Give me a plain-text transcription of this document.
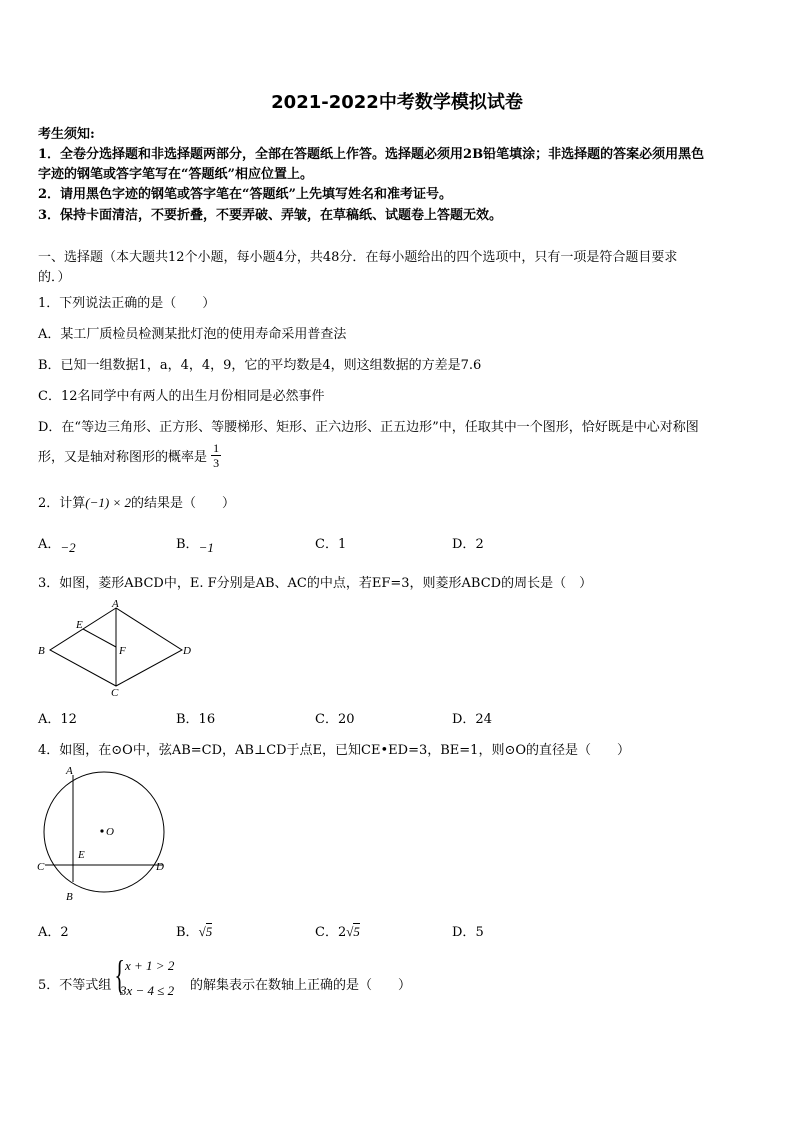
2021-2022中考数学模拟试卷
考生须知:
1．全卷分选择题和非选择题两部分，全部在答题纸上作答。选择题必须用2B铅笔填涂；非选择题的答案必须用黑色
字迹的钢笔或答字笔写在“答题纸”相应位置上。
2．请用黑色字迹的钢笔或答字笔在“答题纸”上先填写姓名和准考证号。
3．保持卡面清洁，不要折叠，不要弄破、弄皱，在草稿纸、试题卷上答题无效。
一、选择题（本大题共12个小题，每小题4分，共48分．在每小题给出的四个选项中，只有一项是符合题目要求
的．）
1．下列说法正确的是（　　）
A．某工厂质检员检测某批灯泡的使用寿命采用普查法
B．已知一组数据1，a，4，4，9，它的平均数是4，则这组数据的方差是7.6
C．12名同学中有两人的出生月份相同是必然事件
D．在“等边三角形、正方形、等腰梯形、矩形、正六边形、正五边形”中，任取其中一个图形，恰好既是中心对称图
形，又是轴对称图形的概率是 $\frac{1}{3}$
2．计算(−1) × 2的结果是（　　）
A．−2	B．−1	C．1	D．2
3．如图，菱形ABCD中，E. F分别是AB、AC的中点，若EF=3，则菱形ABCD的周长是（　）
A
B
C
D
E
F
A．12	B．16	C．20	D．24
4．如图，在⊙O中，弦AB=CD，AB⊥CD于点E，已知CE•ED=3，BE=1，则⊙O的直径是（　　）
A
O
C
E
D
B
A．2	B．√5	C．2√5	D．5
5．不等式组 { x + 1 > 2
3x − 4 ≤ 2 的解集表示在数轴上正确的是（　　）
